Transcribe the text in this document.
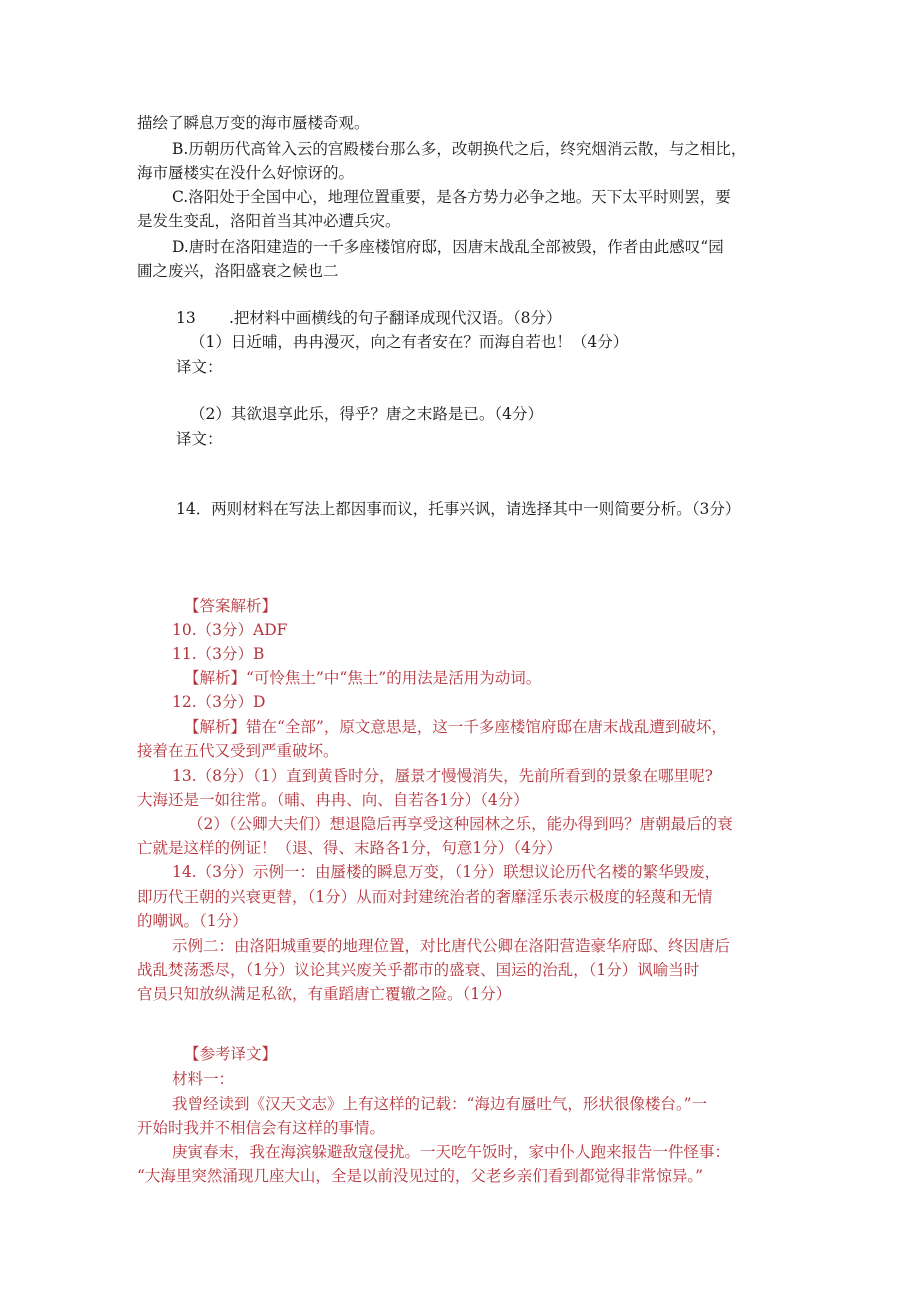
描绘了瞬息万变的海市蜃楼奇观。
B.历朝历代高耸入云的宫殿楼台那么多，改朝换代之后，终究烟消云散，与之相比，
海市蜃楼实在没什么好惊讶的。
C.洛阳处于全国中心，地理位置重要，是各方势力必争之地。天下太平时则罢，要
是发生变乱，洛阳首当其冲必遭兵灾。
D.唐时在洛阳建造的一千多座楼馆府邸，因唐末战乱全部被毁，作者由此感叹“园
圃之废兴，洛阳盛衰之候也二
13 .把材料中画横线的句子翻译成现代汉语。（8分）
（1）日近晡，冉冉漫灭，向之有者安在？而海自若也！（4分）
译文：
（2）其欲退享此乐，得乎？唐之末路是已。（4分）
译文：
14．两则材料在写法上都因事而议，托事兴讽，请选择其中一则简要分析。（3分）
【答案解析】
10.（3分）ADF
11.（3分）B
【解析】“可怜焦土”中“焦土”的用法是活用为动词。
12.（3分）D
【解析】错在“全部”，原文意思是，这一千多座楼馆府邸在唐末战乱遭到破坏，
接着在五代又受到严重破坏。
13.（8分）（1）直到黄昏时分，蜃景才慢慢消失，先前所看到的景象在哪里呢?
大海还是一如往常。（晡、冉冉、向、自若各1分）（4分）
（2）（公卿大夫们）想退隐后再享受这种园林之乐，能办得到吗？唐朝最后的衰
亡就是这样的例证！（退、得、末路各1分，句意1分）（4分）
14.（3分）示例一：由蜃楼的瞬息万变，（1分）联想议论历代名楼的繁华毁废，
即历代王朝的兴衰更替，（1分）从而对封建统治者的奢靡淫乐表示极度的轻蔑和无情
的嘲讽。（1分）
示例二：由洛阳城重要的地理位置，对比唐代公卿在洛阳营造豪华府邸、终因唐后
战乱焚荡悉尽，（1分）议论其兴废关乎都市的盛衰、国运的治乱，（1分）讽喻当时
官员只知放纵满足私欲，有重蹈唐亡覆辙之险。（1分）
【参考译文】
材料一：
我曾经读到《汉天文志》上有这样的记载：“海边有蜃吐气，形状很像楼台。”一
开始时我并不相信会有这样的事情。
庚寅春末，我在海滨躲避敌寇侵扰。一天吃午饭时，家中仆人跑来报告一件怪事：
“大海里突然涌现几座大山，全是以前没见过的，父老乡亲们看到都觉得非常惊异。”
